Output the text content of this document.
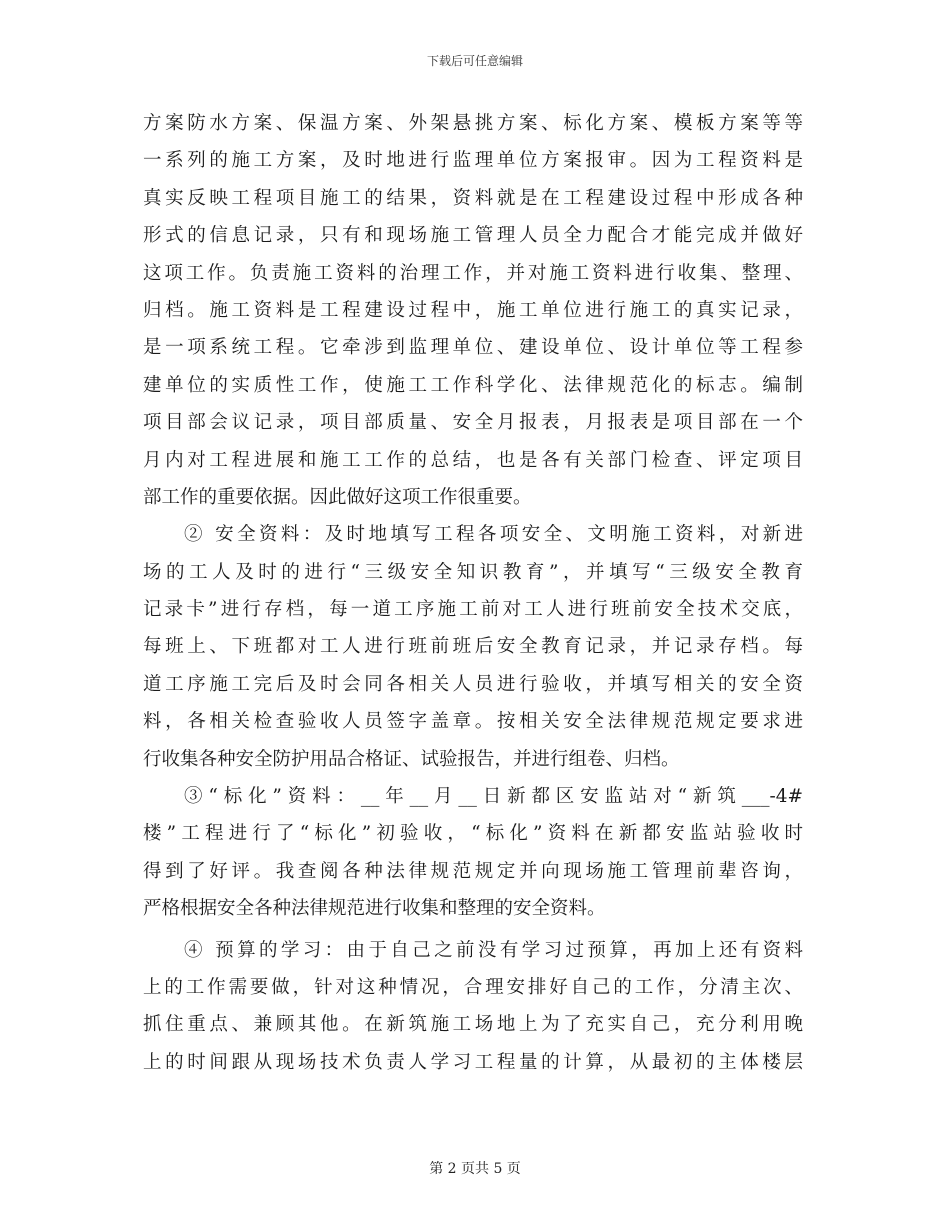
下载后可任意编辑
方案防水方案、保温方案、外架悬挑方案、标化方案、模板方案等等
一系列的施工方案，及时地进行监理单位方案报审。因为工程资料是
真实反映工程项目施工的结果，资料就是在工程建设过程中形成各种
形式的信息记录，只有和现场施工管理人员全力配合才能完成并做好
这项工作。负责施工资料的治理工作，并对施工资料进行收集、整理、
归档。施工资料是工程建设过程中，施工单位进行施工的真实记录，
是一项系统工程。它牵涉到监理单位、建设单位、设计单位等工程参
建单位的实质性工作，使施工工作科学化、法律规范化的标志。编制
项目部会议记录，项目部质量、安全月报表，月报表是项目部在一个
月内对工程进展和施工工作的总结，也是各有关部门检查、评定项目
部工作的重要依据。因此做好这项工作很重要。
② 安全资料：及时地填写工程各项安全、文明施工资料，对新进
场的工人及时的进行“三级安全知识教育”，并填写“三级安全教育
记录卡”进行存档，每一道工序施工前对工人进行班前安全技术交底，
每班上、下班都对工人进行班前班后安全教育记录，并记录存档。每
道工序施工完后及时会同各相关人员进行验收，并填写相关的安全资
料，各相关检查验收人员签字盖章。按相关安全法律规范规定要求进
行收集各种安全防护用品合格证、试验报告，并进行组卷、归档。
③“标化”资料：__年__月__日新都区安监站对“新筑___-4#
楼”工程进行了“标化”初验收，“标化”资料在新都安监站验收时
得到了好评。我查阅各种法律规范规定并向现场施工管理前辈咨询，
严格根据安全各种法律规范进行收集和整理的安全资料。
④ 预算的学习：由于自己之前没有学习过预算，再加上还有资料
上的工作需要做，针对这种情况，合理安排好自己的工作，分清主次、
抓住重点、兼顾其他。在新筑施工场地上为了充实自己，充分利用晚
上的时间跟从现场技术负责人学习工程量的计算，从最初的主体楼层
第 2 页共 5 页
